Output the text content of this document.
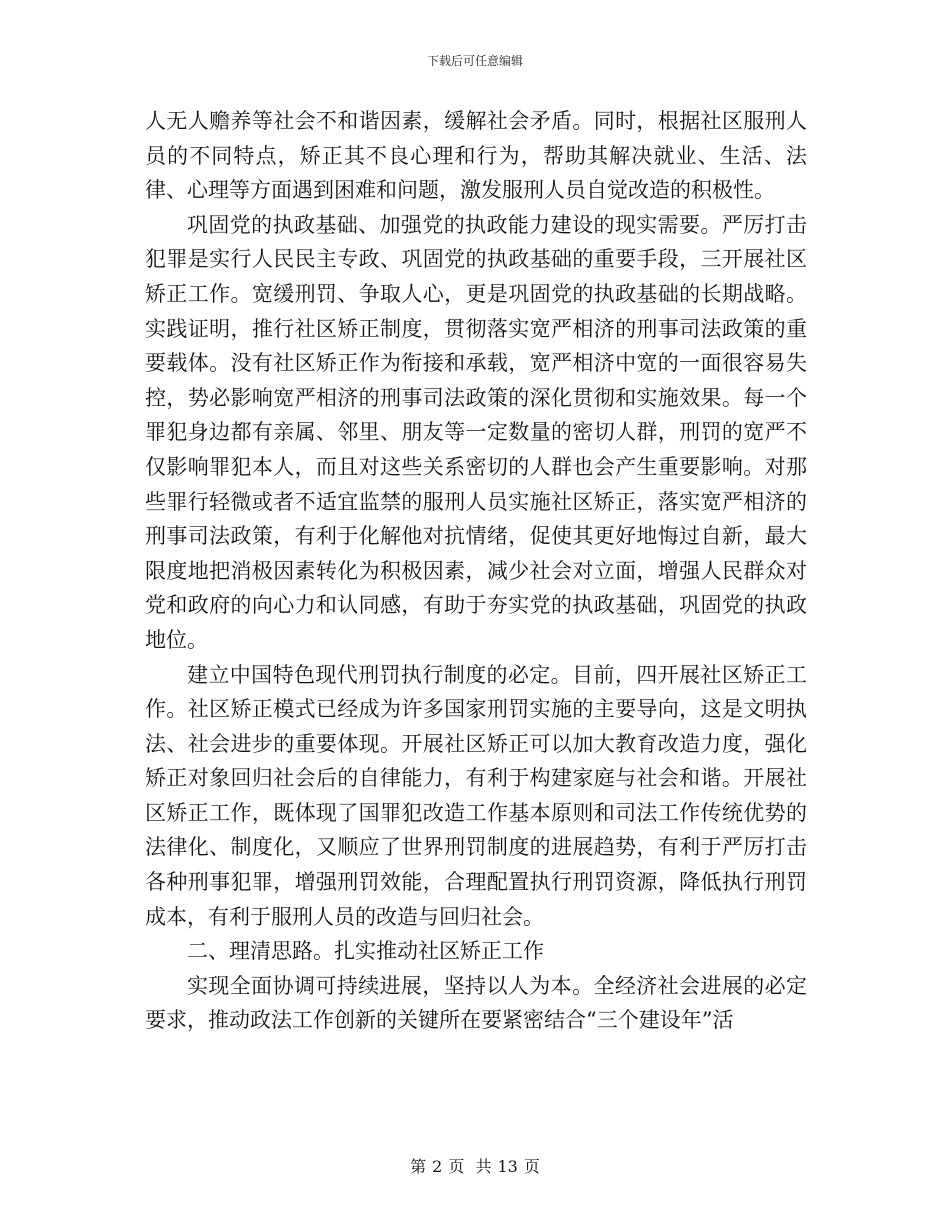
下载后可任意编辑

人无人赡养等社会不和谐因素，缓解社会矛盾。同时，根据社区服刑人员的不同特点，矫正其不良心理和行为，帮助其解决就业、生活、法律、心理等方面遇到困难和问题，激发服刑人员自觉改造的积极性。

巩固党的执政基础、加强党的执政能力建设的现实需要。严厉打击犯罪是实行人民民主专政、巩固党的执政基础的重要手段，三开展社区矫正工作。宽缓刑罚、争取人心，更是巩固党的执政基础的长期战略。实践证明，推行社区矫正制度，贯彻落实宽严相济的刑事司法政策的重要载体。没有社区矫正作为衔接和承载，宽严相济中宽的一面很容易失控，势必影响宽严相济的刑事司法政策的深化贯彻和实施效果。每一个罪犯身边都有亲属、邻里、朋友等一定数量的密切人群，刑罚的宽严不仅影响罪犯本人，而且对这些关系密切的人群也会产生重要影响。对那些罪行轻微或者不适宜监禁的服刑人员实施社区矫正，落实宽严相济的刑事司法政策，有利于化解他对抗情绪，促使其更好地悔过自新，最大限度地把消极因素转化为积极因素，减少社会对立面，增强人民群众对党和政府的向心力和认同感，有助于夯实党的执政基础，巩固党的执政地位。

建立中国特色现代刑罚执行制度的必定。目前，四开展社区矫正工作。社区矫正模式已经成为许多国家刑罚实施的主要导向，这是文明执法、社会进步的重要体现。开展社区矫正可以加大教育改造力度，强化矫正对象回归社会后的自律能力，有利于构建家庭与社会和谐。开展社区矫正工作，既体现了国罪犯改造工作基本原则和司法工作传统优势的法律化、制度化，又顺应了世界刑罚制度的进展趋势，有利于严厉打击各种刑事犯罪，增强刑罚效能，合理配置执行刑罚资源，降低执行刑罚成本，有利于服刑人员的改造与回归社会。

二、理清思路。扎实推动社区矫正工作

实现全面协调可持续进展，坚持以人为本。全经济社会进展的必定要求，推动政法工作创新的关键所在要紧密结合“三个建设年”活

第 2 页 共 13 页
